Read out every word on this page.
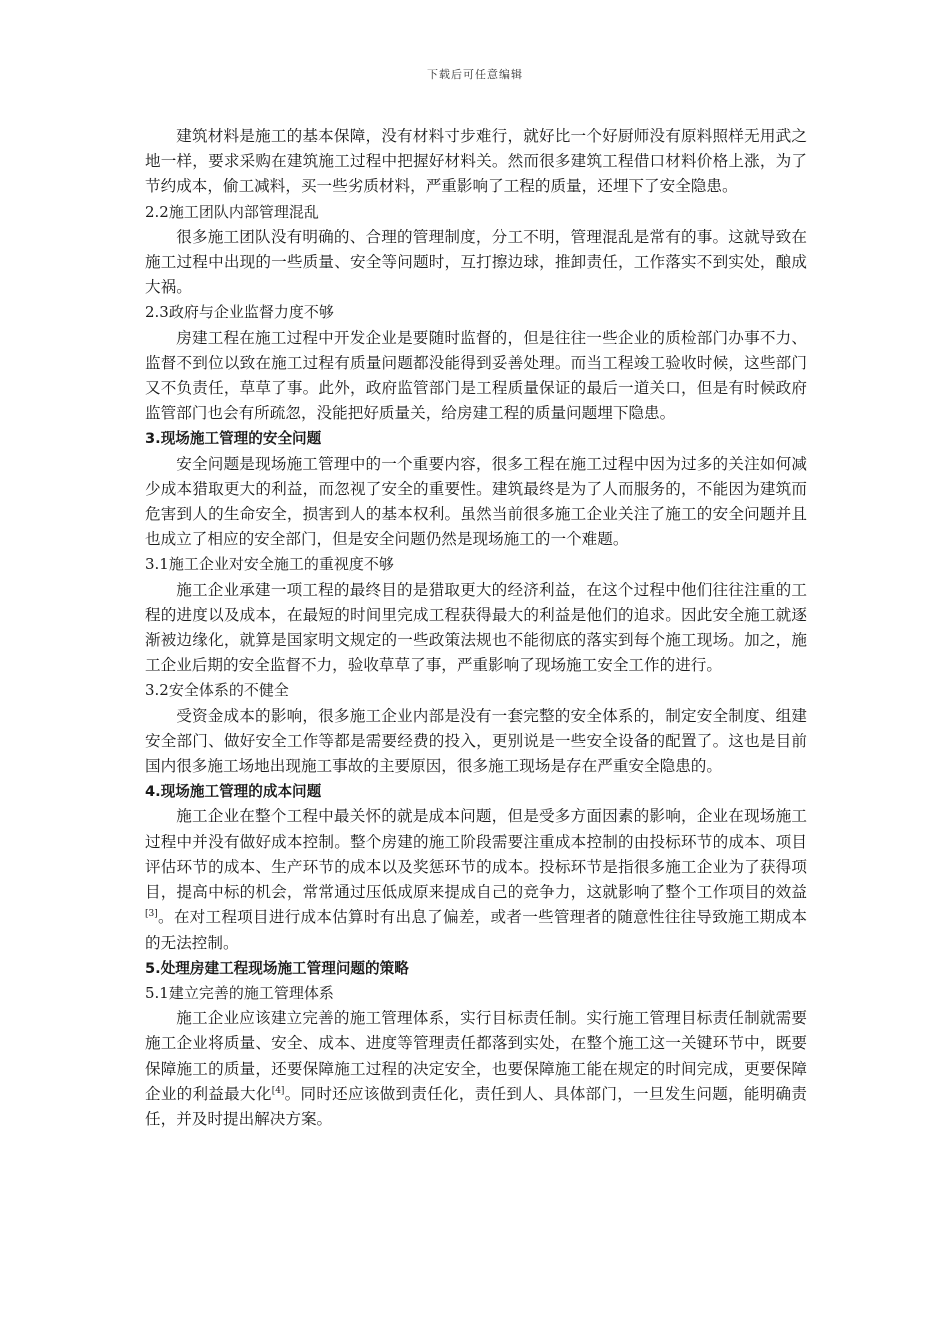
下载后可任意编辑

建筑材料是施工的基本保障，没有材料寸步难行，就好比一个好厨师没有原料照样无用武之地一样，要求采购在建筑施工过程中把握好材料关。然而很多建筑工程借口材料价格上涨，为了节约成本，偷工减料，买一些劣质材料，严重影响了工程的质量，还埋下了安全隐患。

2.2施工团队内部管理混乱

很多施工团队没有明确的、合理的管理制度，分工不明，管理混乱是常有的事。这就导致在施工过程中出现的一些质量、安全等问题时，互打擦边球，推卸责任，工作落实不到实处，酿成大祸。

2.3政府与企业监督力度不够

房建工程在施工过程中开发企业是要随时监督的，但是往往一些企业的质检部门办事不力、监督不到位以致在施工过程有质量问题都没能得到妥善处理。而当工程竣工验收时候，这些部门又不负责任，草草了事。此外，政府监管部门是工程质量保证的最后一道关口，但是有时候政府监管部门也会有所疏忽，没能把好质量关，给房建工程的质量问题埋下隐患。

3.现场施工管理的安全问题

安全问题是现场施工管理中的一个重要内容，很多工程在施工过程中因为过多的关注如何减少成本猎取更大的利益，而忽视了安全的重要性。建筑最终是为了人而服务的，不能因为建筑而危害到人的生命安全，损害到人的基本权利。虽然当前很多施工企业关注了施工的安全问题并且也成立了相应的安全部门，但是安全问题仍然是现场施工的一个难题。

3.1施工企业对安全施工的重视度不够

施工企业承建一项工程的最终目的是猎取更大的经济利益，在这个过程中他们往往注重的工程的进度以及成本，在最短的时间里完成工程获得最大的利益是他们的追求。因此安全施工就逐渐被边缘化，就算是国家明文规定的一些政策法规也不能彻底的落实到每个施工现场。加之，施工企业后期的安全监督不力，验收草草了事，严重影响了现场施工安全工作的进行。

3.2安全体系的不健全

受资金成本的影响，很多施工企业内部是没有一套完整的安全体系的，制定安全制度、组建安全部门、做好安全工作等都是需要经费的投入，更别说是一些安全设备的配置了。这也是目前国内很多施工场地出现施工事故的主要原因，很多施工现场是存在严重安全隐患的。

4.现场施工管理的成本问题

施工企业在整个工程中最关怀的就是成本问题，但是受多方面因素的影响，企业在现场施工过程中并没有做好成本控制。整个房建的施工阶段需要注重成本控制的由投标环节的成本、项目评估环节的成本、生产环节的成本以及奖惩环节的成本。投标环节是指很多施工企业为了获得项目，提高中标的机会，常常通过压低成原来提成自己的竞争力，这就影响了整个工作项目的效益[3]。在对工程项目进行成本估算时有出息了偏差，或者一些管理者的随意性往往导致施工期成本的无法控制。

5.处理房建工程现场施工管理问题的策略

5.1建立完善的施工管理体系

施工企业应该建立完善的施工管理体系，实行目标责任制。实行施工管理目标责任制就需要施工企业将质量、安全、成本、进度等管理责任都落到实处，在整个施工这一关键环节中，既要保障施工的质量，还要保障施工过程的决定安全，也要保障施工能在规定的时间完成，更要保障企业的利益最大化[4]。同时还应该做到责任化，责任到人、具体部门，一旦发生问题，能明确责任，并及时提出解决方案。
